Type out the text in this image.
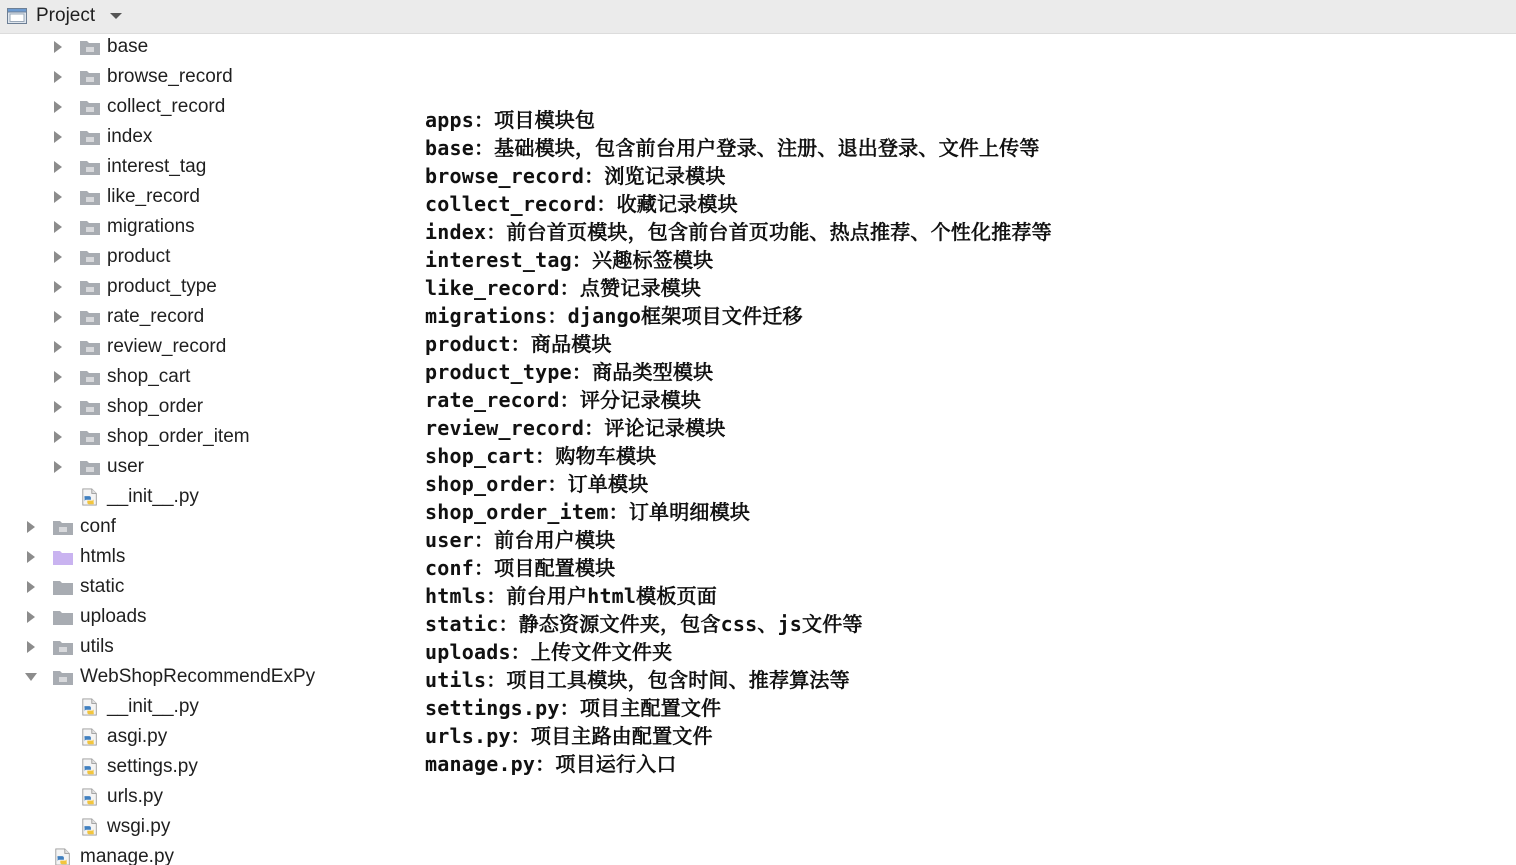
Project
base
browse_record
collect_record
index
interest_tag
like_record
migrations
product
product_type
rate_record
review_record
shop_cart
shop_order
shop_order_item
user
__init__.py
conf
htmls
static
uploads
utils
WebShopRecommendExPy
__init__.py
asgi.py
settings.py
urls.py
wsgi.py
manage.py
apps：项目模块包
base：基础模块，包含前台用户登录、注册、退出登录、文件上传等
browse_record：浏览记录模块
collect_record：收藏记录模块
index：前台首页模块，包含前台首页功能、热点推荐、个性化推荐等
interest_tag：兴趣标签模块
like_record：点赞记录模块
migrations：django框架项目文件迁移
product：商品模块
product_type：商品类型模块
rate_record：评分记录模块
review_record：评论记录模块
shop_cart：购物车模块
shop_order：订单模块
shop_order_item：订单明细模块
user：前台用户模块
conf：项目配置模块
htmls：前台用户html模板页面
static：静态资源文件夹，包含css、js文件等
uploads：上传文件文件夹
utils：项目工具模块，包含时间、推荐算法等
settings.py：项目主配置文件
urls.py：项目主路由配置文件
manage.py：项目运行入口
